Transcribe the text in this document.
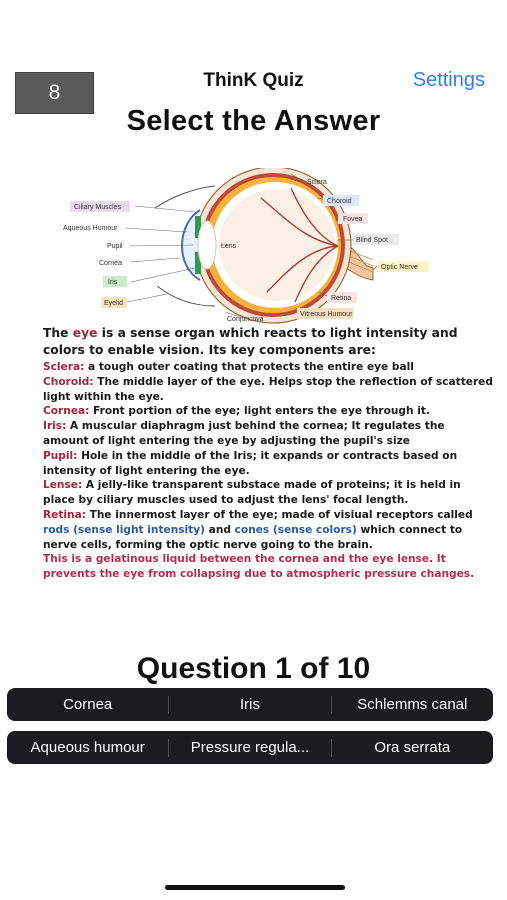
8
ThinK Quiz	Settings
Select the Answer
Ciliary Muscles
Aqueous Humour
Pupil
Cornea
Iris
Eyelid
Lens
Sclera
Choroid
Fovea
Blind Spot
Optic Nerve
Retina
Vitreous Humour
Conjunctiva

The eye is a sense organ which reacts to light intensity and colors to enable vision. Its key components are:

Sclera: a tough outer coating that protects the entire eye ball

Choroid: The middle layer of the eye. Helps stop the reflection of scattered light within the eye.

Cornea: Front portion of the eye; light enters the eye through it.

Iris: A muscular diaphragm just behind the cornea; It regulates the amount of light entering the eye by adjusting the pupil's size

Pupil: Hole in the middle of the Iris; it expands or contracts based on intensity of light entering the eye.

Lense: A jelly-like transparent substace made of proteins; it is held in place by ciliary muscles used to adjust the lens' focal length.

Retina: The innermost layer of the eye; made of visiual receptors called rods (sense light intensity) and cones (sense colors) which connect to nerve cells, forming the optic nerve going to the brain.

This is a gelatinous liquid between the cornea and the eye lense. It prevents the eye from collapsing due to atmospheric pressure changes.

Question 1 of 10
Cornea	Iris	Schlemms canal
Aqueous humour	Pressure regula...	Ora serrata
